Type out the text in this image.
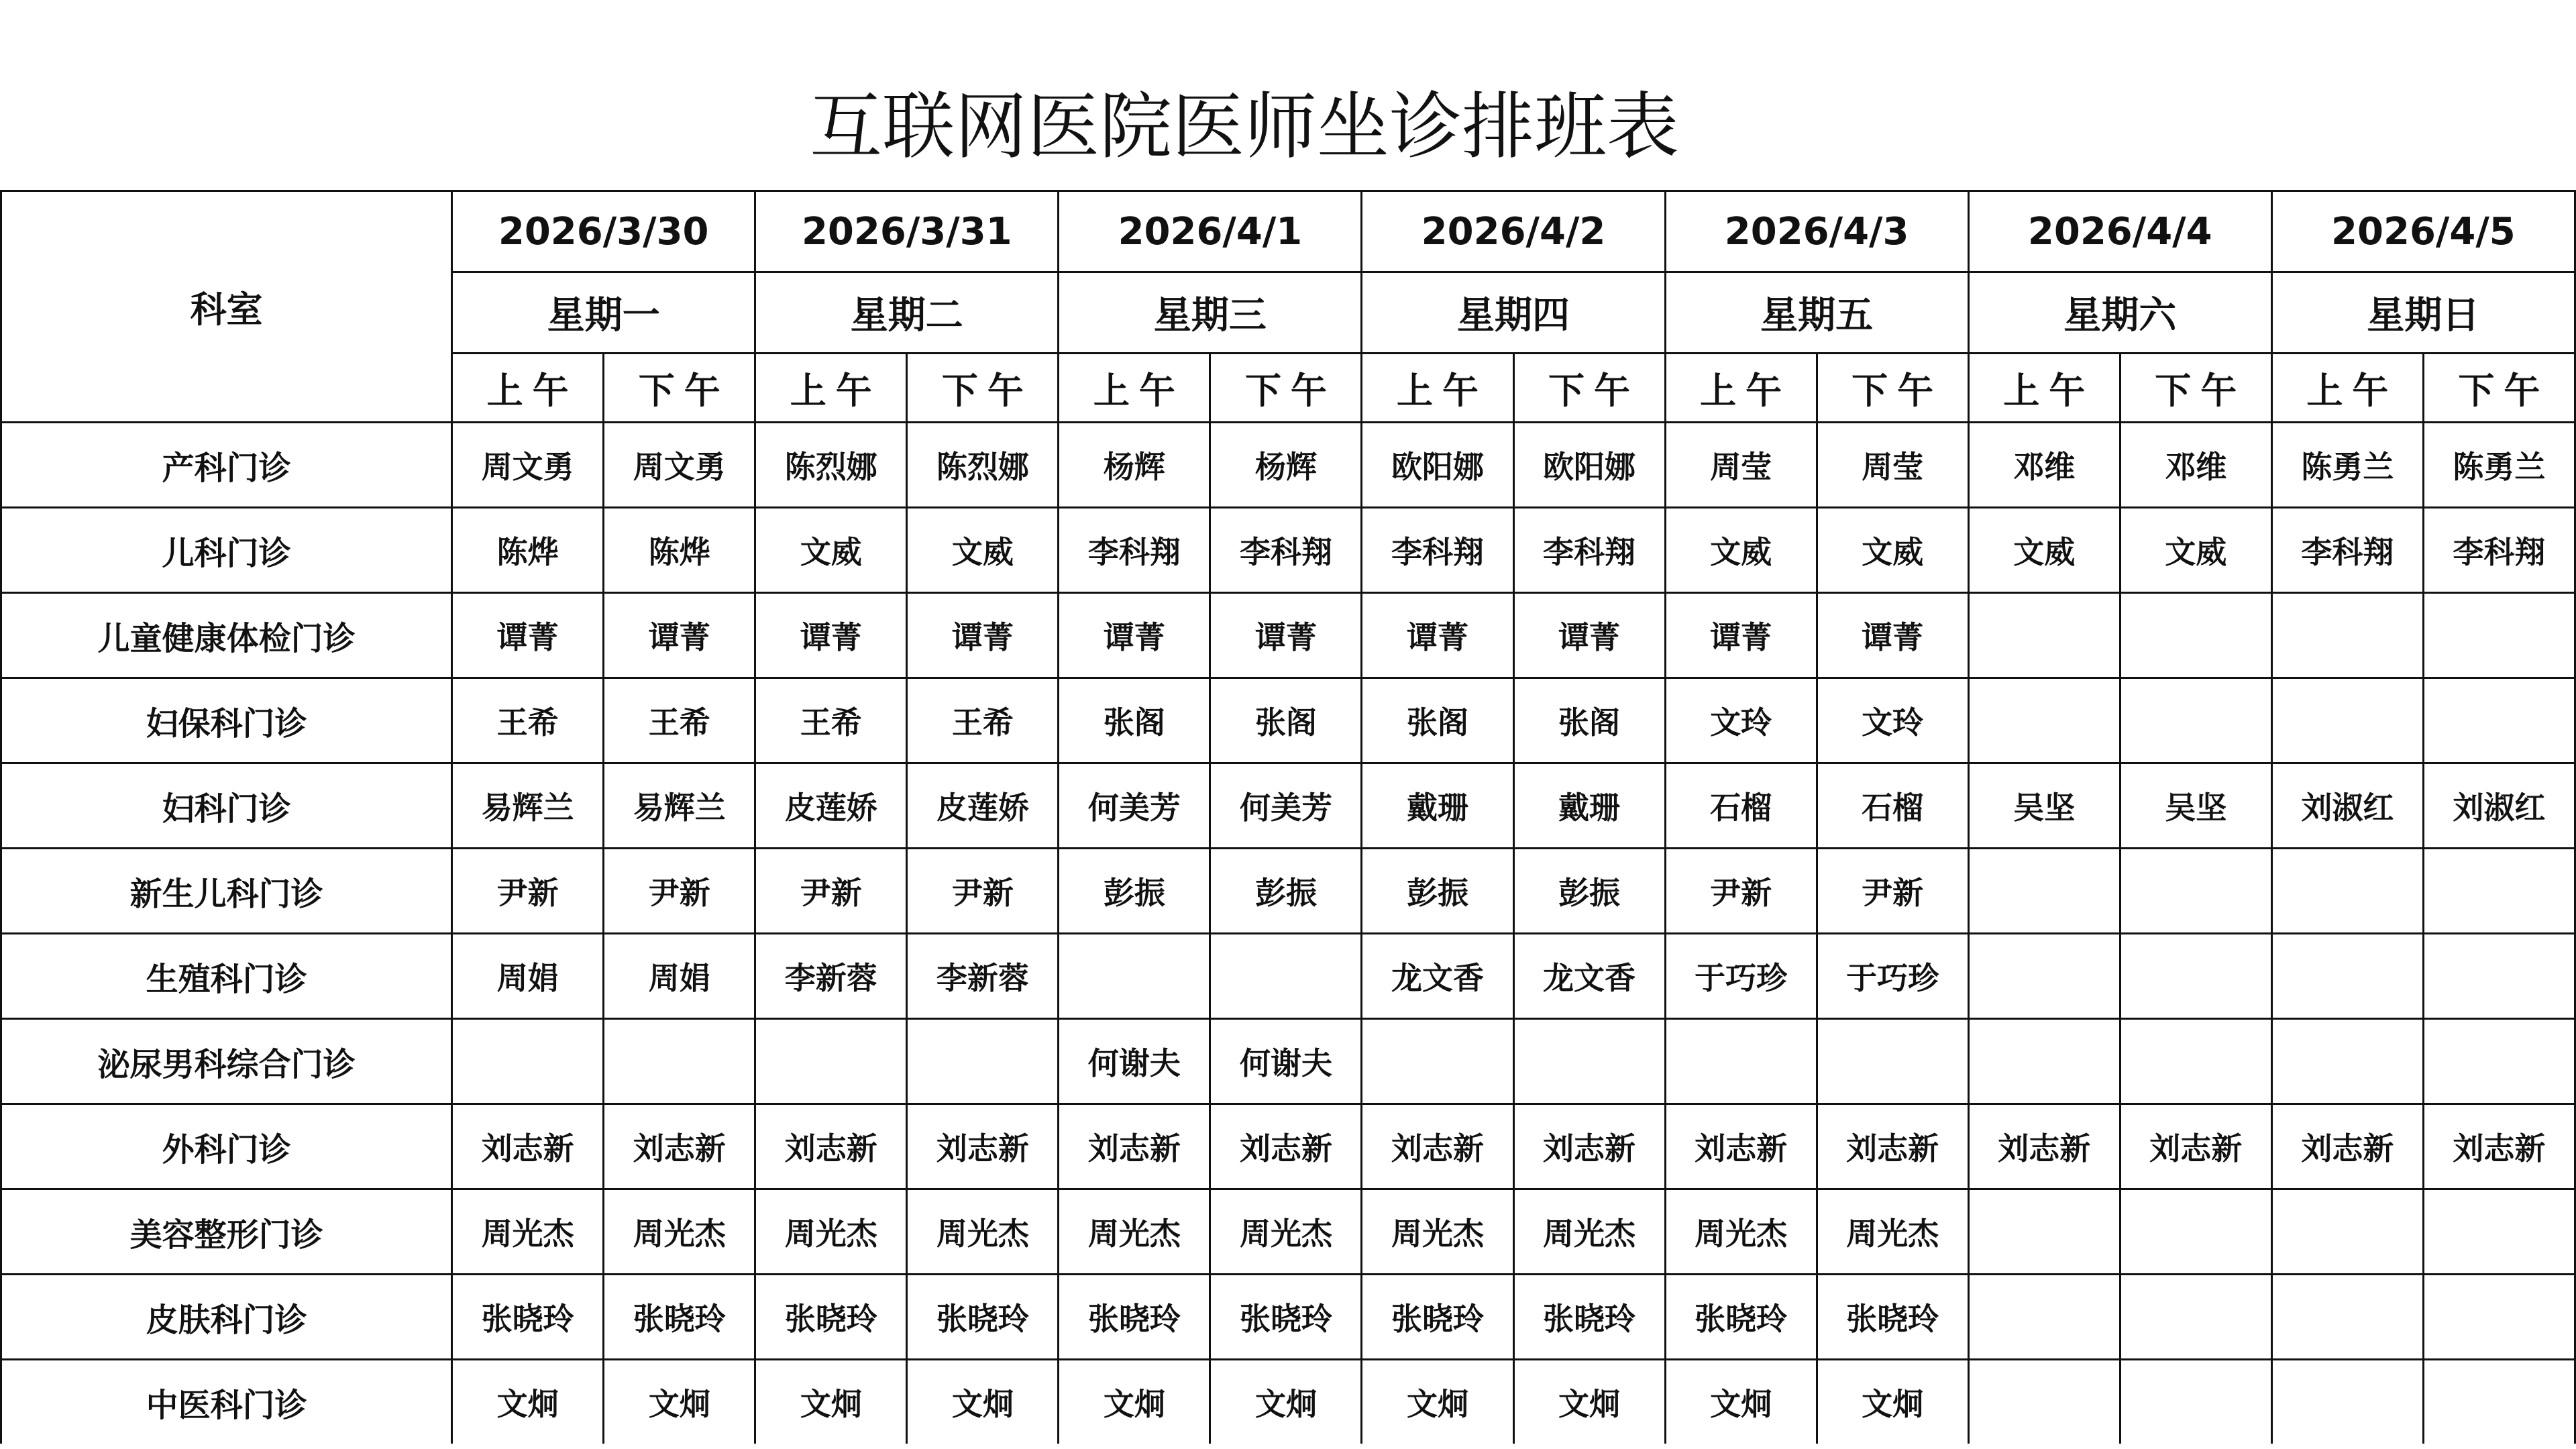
互联网医院医师坐诊排班表
科室	2026/3/30		2026/3/31		2026/4/1		2026/4/2		2026/4/3		2026/4/4		2026/4/5	
	星期一		星期二		星期三		星期四		星期五		星期六		星期日	
	上午	下午	上午	下午	上午	下午	上午	下午	上午	下午	上午	下午	上午	下午
产科门诊	周文勇	周文勇	陈烈娜	陈烈娜	杨辉	杨辉	欧阳娜	欧阳娜	周莹	周莹	邓维	邓维	陈勇兰	陈勇兰
儿科门诊	陈烨	陈烨	文威	文威	李科翔	李科翔	李科翔	李科翔	文威	文威	文威	文威	李科翔	李科翔
儿童健康体检门诊	谭菁	谭菁	谭菁	谭菁	谭菁	谭菁	谭菁	谭菁	谭菁	谭菁				
妇保科门诊	王希	王希	王希	王希	张阁	张阁	张阁	张阁	文玲	文玲				
妇科门诊	易辉兰	易辉兰	皮莲娇	皮莲娇	何美芳	何美芳	戴珊	戴珊	石榴	石榴	吴坚	吴坚	刘淑红	刘淑红
新生儿科门诊	尹新	尹新	尹新	尹新	彭振	彭振	彭振	彭振	尹新	尹新				
生殖科门诊	周娟	周娟	李新蓉	李新蓉			龙文香	龙文香	于巧珍	于巧珍				
泌尿男科综合门诊					何谢夫	何谢夫								
外科门诊	刘志新	刘志新	刘志新	刘志新	刘志新	刘志新	刘志新	刘志新	刘志新	刘志新	刘志新	刘志新	刘志新	刘志新
美容整形门诊	周光杰	周光杰	周光杰	周光杰	周光杰	周光杰	周光杰	周光杰	周光杰	周光杰				
皮肤科门诊	张晓玲	张晓玲	张晓玲	张晓玲	张晓玲	张晓玲	张晓玲	张晓玲	张晓玲	张晓玲				
中医科门诊	文炯	文炯	文炯	文炯	文炯	文炯	文炯	文炯	文炯	文炯				
